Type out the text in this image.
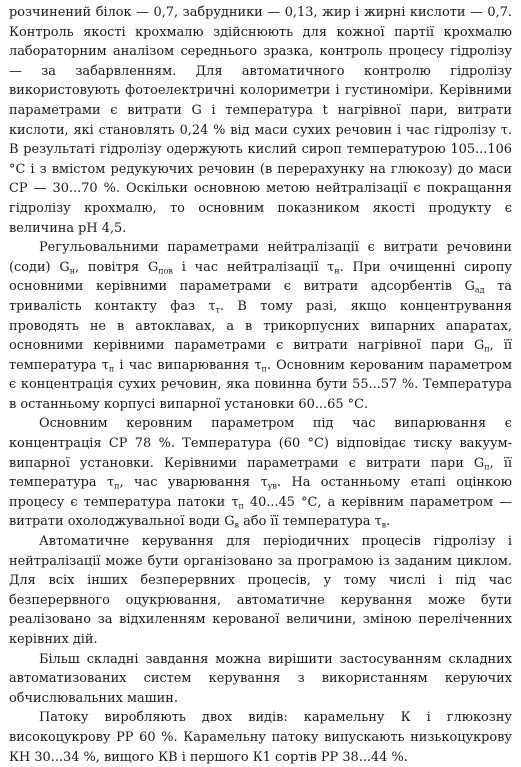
розчинений білок — 0,7, забрудники — 0,13, жир і жирні кислоти — 0,7. Контроль якості крохмалю здійснюють для кожної партії крохмалю лабораторним аналізом середнього зразка, контроль процесу гідролізу — за забарвленням. Для автоматичного контролю гідролізу використовують фотоелектричні колориметри і густиноміри. Керівними параметрами є витрати G і температура t нагрівної пари, витрати кислоти, які становлять 0,24 % від маси сухих речовин і час гідролізу τ. В результаті гідролізу одержують кислий сироп температурою 105...106 °С і з вмістом редукуючих речовин (в перерахунку на глюкозу) до маси СР — 30...70 %. Оскільки основною метою нейтралізації є покращання гідролізу крохмалю, то основним показником якості продукту є величина рН 4,5.

Регульовальними параметрами нейтралізації є витрати речовини (соди) $G_н$, повітря $G_{пов}$ і час нейтралізації $\tau_н$. При очищенні сиропу основними керівними параметрами є витрати адсорбентів $G_{ад}$ та тривалість контакту фаз $\tau_т$. В тому разі, якщо концентрування проводять не в автоклавах, а в трикорпусних випарних апаратах, основними керівними параметрами є витрати нагрівної пари $G_п$, її температура $\tau_п$ і час випарювання $\tau_п$. Основним керованим параметром є концентрація сухих речовин, яка повинна бути 55...57 %. Температура в останньому корпусі випарної установки 60...65 °С.

Основним керовним параметром під час випарювання є концентрація СР 78 %. Температура (60 °С) відповідає тиску вакуум-випарної установки. Керівними параметрами є витрати пари $G_п$, її температура $\tau_п$, час уварювання $\tau_{ув}$. На останньому етапі оцінкою процесу є температура патоки $\tau_п$ 40...45 °С, а керівним параметром — витрати охолоджувальної води $G_в$ або її температура $\tau_в$.

Автоматичне керування для періодичних процесів гідролізу і нейтралізації може бути організовано за програмою із заданим циклом. Для всіх інших безперервних процесів, у тому числі і під час безперервного оцукрювання, автоматичне керування може бути реалізовано за відхиленням керованої величини, зміною переліченних керівних дій.

Більш складні завдання можна вирішити застосуванням складних автоматизованих систем керування з використанням керуючих обчислювальних машин.

Патоку виробляють двох видів: карамельну К і глюкозну високоцукрову РР 60 %. Карамельну патоку випускають низькоцукрову КН 30...34 %, вищого КВ і першого К1 сортів РР 38...44 %.
